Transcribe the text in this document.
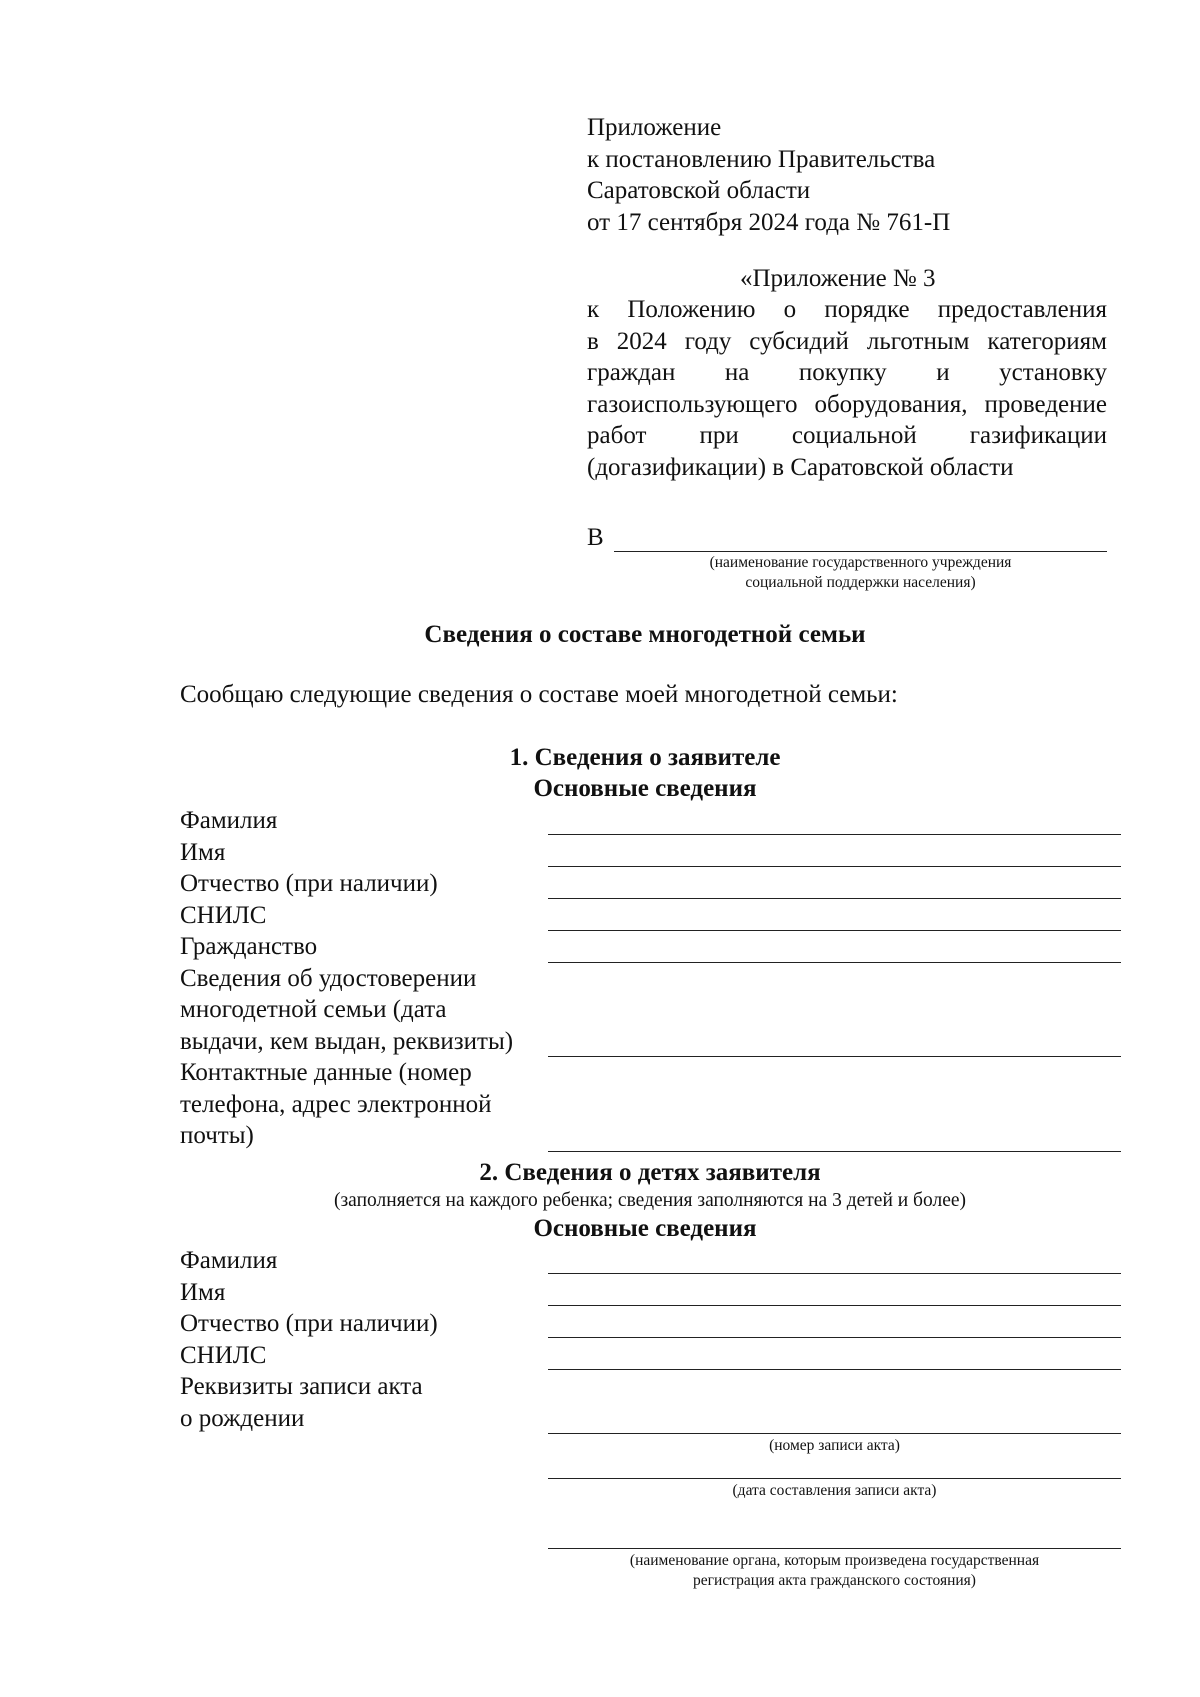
Приложение
к постановлению Правительства
Саратовской области
от 17 сентября 2024 года № 761-П
«Приложение № 3
к Положению о порядке предоставления
в 2024 году субсидий льготным категориям
граждан на покупку и установку
газоиспользующего оборудования, проведение
работ при социальной газификации
(догазификации) в Саратовской области
В
(наименование государственного учреждения
социальной поддержки населения)
Сведения о составе многодетной семьи
Сообщаю следующие сведения о составе моей многодетной семьи:
1. Сведения о заявителе
Основные сведения
Фамилия
Имя
Отчество (при наличии)
СНИЛС
Гражданство
Сведения об удостоверении
многодетной семьи (дата
выдачи, кем выдан, реквизиты)
Контактные данные (номер
телефона, адрес электронной
почты)
2. Сведения о детях заявителя
(заполняется на каждого ребенка; сведения заполняются на 3 детей и более)
Основные сведения
Фамилия
Имя
Отчество (при наличии)
СНИЛС
Реквизиты записи акта
о рождении
(номер записи акта)
(дата составления записи акта)
(наименование органа, которым произведена государственная
регистрация акта гражданского состояния)
